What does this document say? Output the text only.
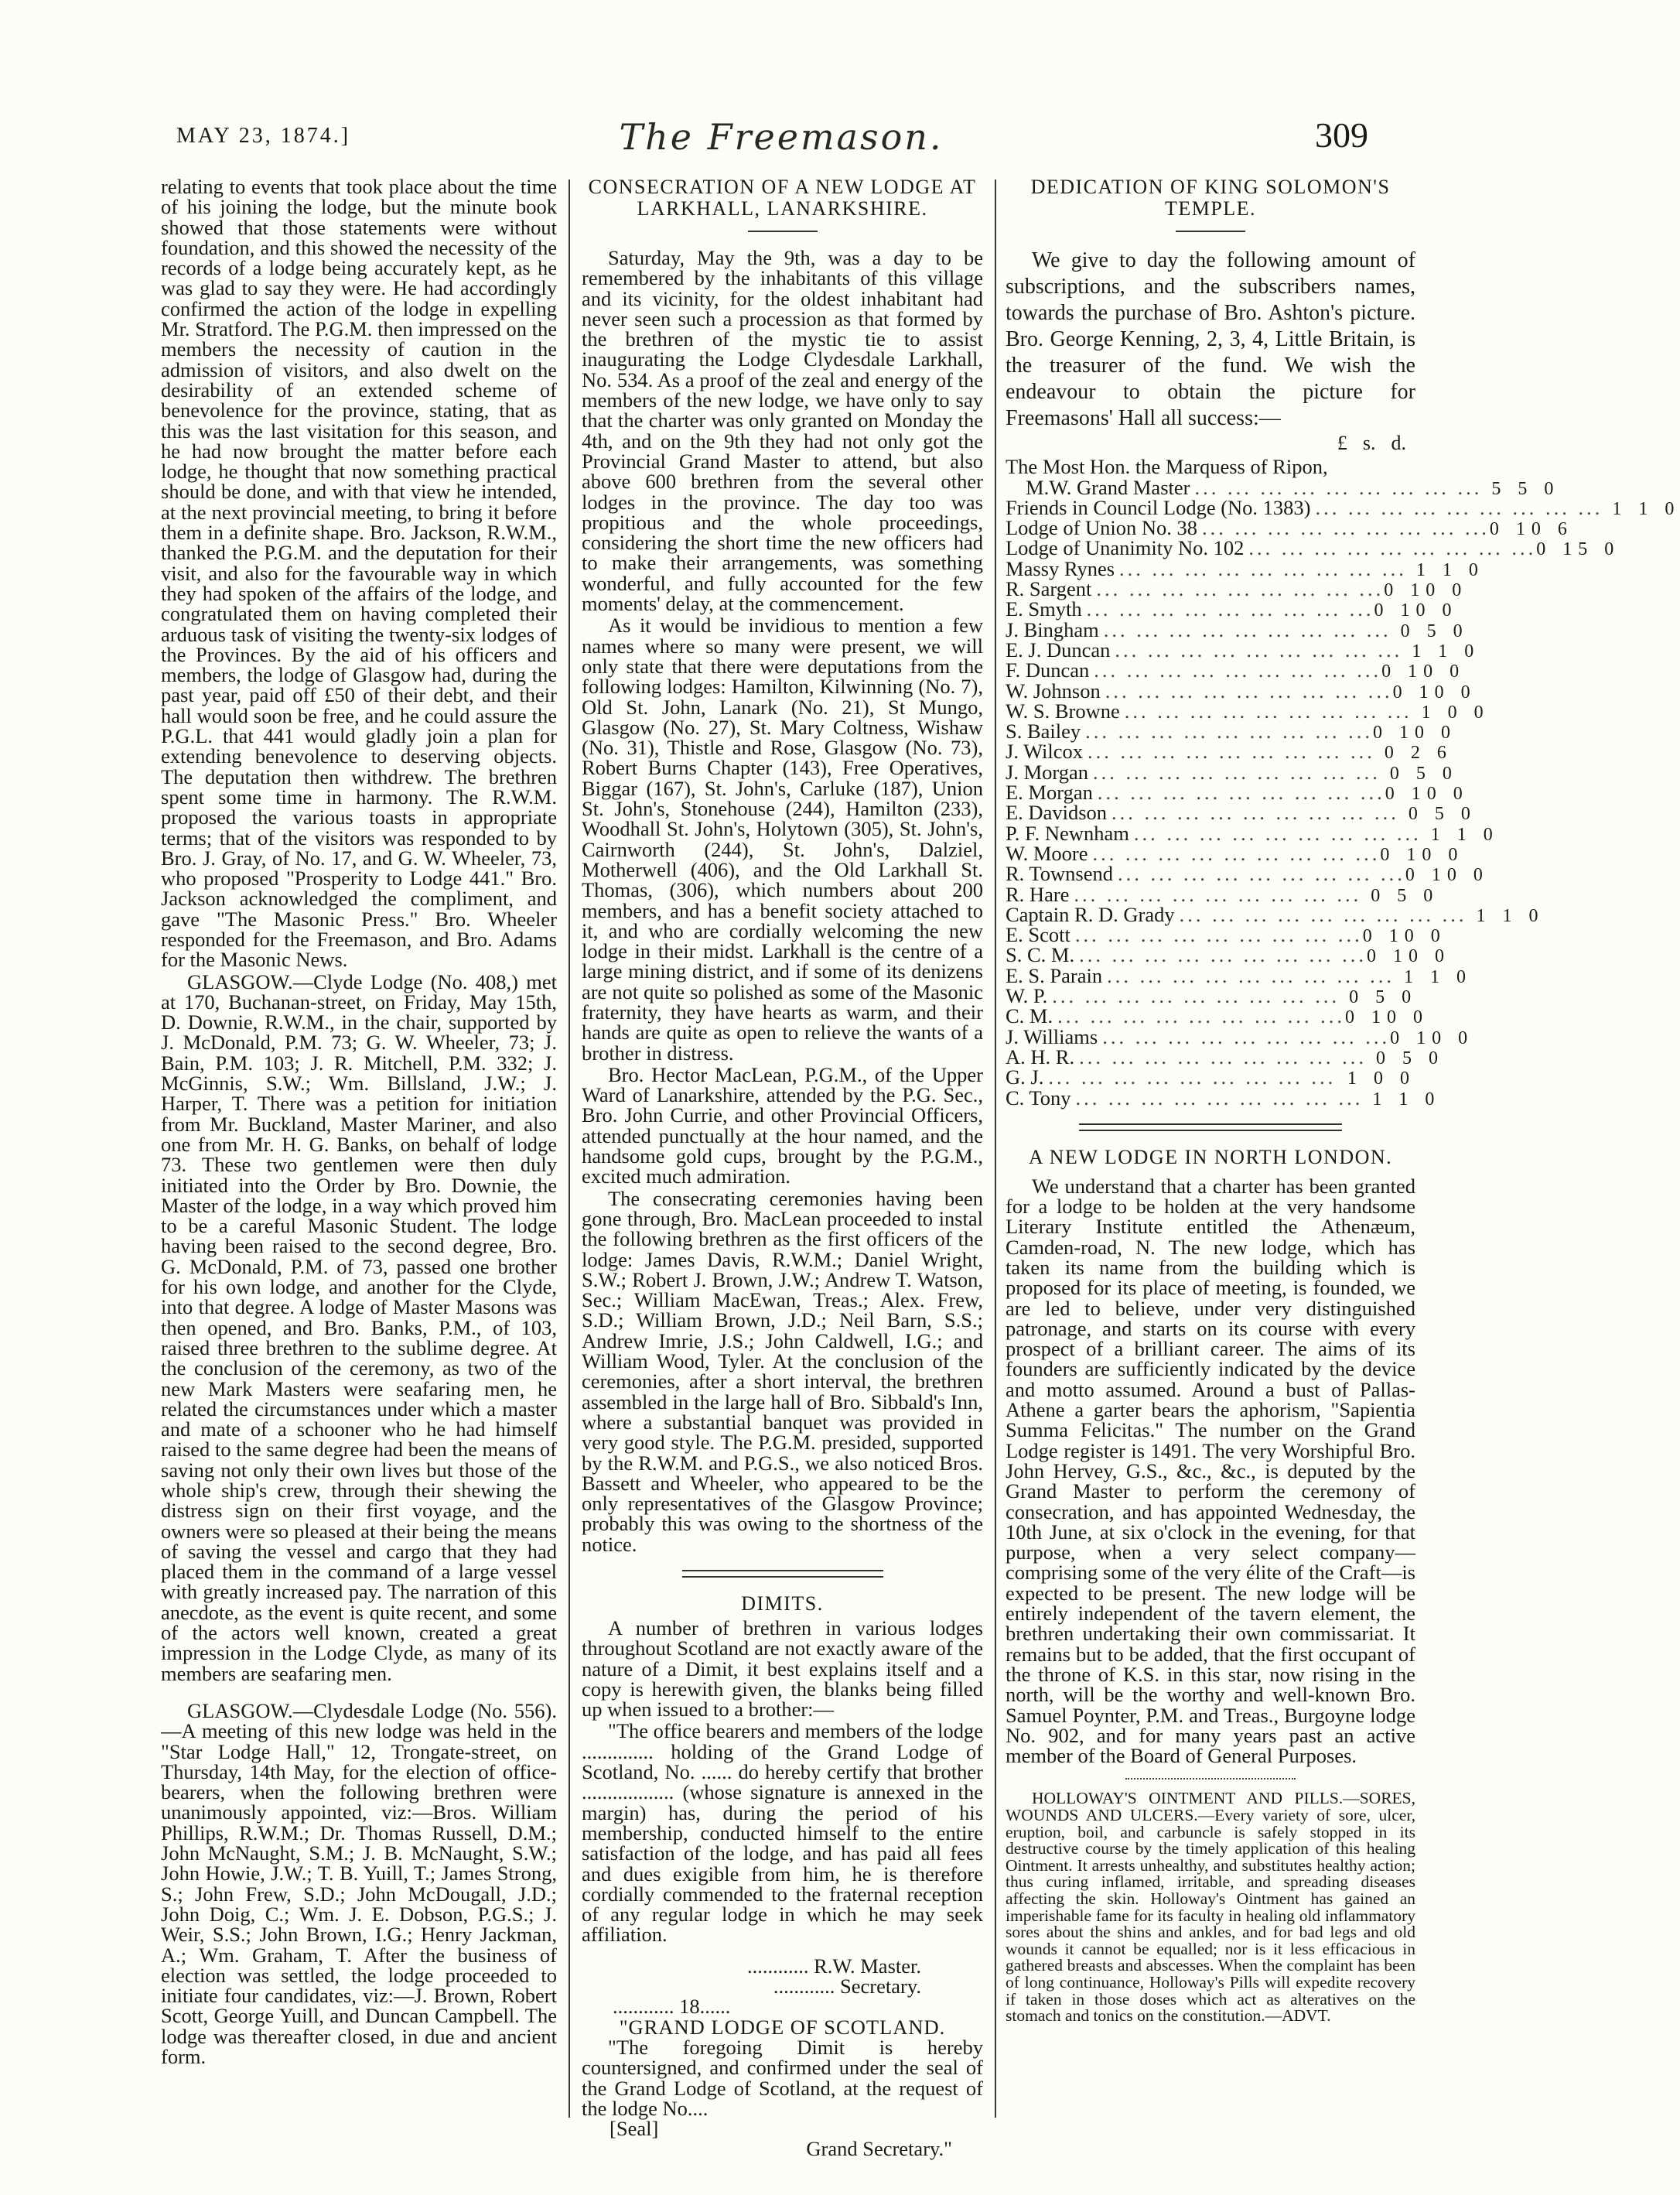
MAY 23, 1874.]	The Freemason.	309

relating to events that took place about the time of his joining the lodge, but the minute book showed that those statements were without foundation, and this showed the necessity of the records of a lodge being accurately kept, as he was glad to say they were. He had accordingly confirmed the action of the lodge in expelling Mr. Stratford. The P.G.M. then impressed on the members the necessity of caution in the admission of visitors, and also dwelt on the desirability of an extended scheme of benevolence for the province, stating, that as this was the last visitation for this season, and he had now brought the matter before each lodge, he thought that now something practical should be done, and with that view he intended, at the next provincial meeting, to bring it before them in a definite shape. Bro. Jackson, R.W.M., thanked the P.G.M. and the deputation for their visit, and also for the favourable way in which they had spoken of the affairs of the lodge, and congratulated them on having completed their arduous task of visiting the twenty-six lodges of the Provinces. By the aid of his officers and members, the lodge of Glasgow had, during the past year, paid off £50 of their debt, and their hall would soon be free, and he could assure the P.G.L. that 441 would gladly join a plan for extending benevolence to deserving objects. The deputation then withdrew. The brethren spent some time in harmony. The R.W.M. proposed the various toasts in appropriate terms; that of the visitors was responded to by Bro. J. Gray, of No. 17, and G. W. Wheeler, 73, who proposed "Prosperity to Lodge 441." Bro. Jackson acknowledged the compliment, and gave "The Masonic Press." Bro. Wheeler responded for the Freemason, and Bro. Adams for the Masonic News.

GLASGOW.—Clyde Lodge (No. 408,) met at 170, Buchanan-street, on Friday, May 15th, D. Downie, R.W.M., in the chair, supported by J. McDonald, P.M. 73; G. W. Wheeler, 73; J. Bain, P.M. 103; J. R. Mitchell, P.M. 332; J. McGinnis, S.W.; Wm. Billsland, J.W.; J. Harper, T. There was a petition for initiation from Mr. Buckland, Master Mariner, and also one from Mr. H. G. Banks, on behalf of lodge 73. These two gentlemen were then duly initiated into the Order by Bro. Downie, the Master of the lodge, in a way which proved him to be a careful Masonic Student. The lodge having been raised to the second degree, Bro. G. McDonald, P.M. of 73, passed one brother for his own lodge, and another for the Clyde, into that degree. A lodge of Master Masons was then opened, and Bro. Banks, P.M., of 103, raised three brethren to the sublime degree. At the conclusion of the ceremony, as two of the new Mark Masters were seafaring men, he related the circumstances under which a master and mate of a schooner who he had himself raised to the same degree had been the means of saving not only their own lives but those of the whole ship's crew, through their shewing the distress sign on their first voyage, and the owners were so pleased at their being the means of saving the vessel and cargo that they had placed them in the command of a large vessel with greatly increased pay. The narration of this anecdote, as the event is quite recent, and some of the actors well known, created a great impression in the Lodge Clyde, as many of its members are seafaring men.

GLASGOW.—Clydesdale Lodge (No. 556).—A meeting of this new lodge was held in the "Star Lodge Hall," 12, Trongate-street, on Thursday, 14th May, for the election of office-bearers, when the following brethren were unanimously appointed, viz:—Bros. William Phillips, R.W.M.; Dr. Thomas Russell, D.M.; John McNaught, S.M.; J. B. McNaught, S.W.; John Howie, J.W.; T. B. Yuill, T.; James Strong, S.; John Frew, S.D.; John McDougall, J.D.; John Doig, C.; Wm. J. E. Dobson, P.G.S.; J. Weir, S.S.; John Brown, I.G.; Henry Jackman, A.; Wm. Graham, T. After the business of election was settled, the lodge proceeded to initiate four candidates, viz:—J. Brown, Robert Scott, George Yuill, and Duncan Campbell. The lodge was thereafter closed, in due and ancient form.

CONSECRATION OF A NEW LODGE AT LARKHALL, LANARKSHIRE.

Saturday, May the 9th, was a day to be remembered by the inhabitants of this village and its vicinity, for the oldest inhabitant had never seen such a procession as that formed by the brethren of the mystic tie to assist inaugurating the Lodge Clydesdale Larkhall, No. 534. As a proof of the zeal and energy of the members of the new lodge, we have only to say that the charter was only granted on Monday the 4th, and on the 9th they had not only got the Provincial Grand Master to attend, but also above 600 brethren from the several other lodges in the province. The day too was propitious and the whole proceedings, considering the short time the new officers had to make their arrangements, was something wonderful, and fully accounted for the few moments' delay, at the commencement.

As it would be invidious to mention a few names where so many were present, we will only state that there were deputations from the following lodges: Hamilton, Kilwinning (No. 7), Old St. John, Lanark (No. 21), St Mungo, Glasgow (No. 27), St. Mary Coltness, Wishaw (No. 31), Thistle and Rose, Glasgow (No. 73), Robert Burns Chapter (143), Free Operatives, Biggar (167), St. John's, Carluke (187), Union St. John's, Stonehouse (244), Hamilton (233), Woodhall St. John's, Holytown (305), St. John's, Cairnworth (244), St. John's, Dalziel, Motherwell (406), and the Old Larkhall St. Thomas, (306), which numbers about 200 members, and has a benefit society attached to it, and who are cordially welcoming the new lodge in their midst. Larkhall is the centre of a large mining district, and if some of its denizens are not quite so polished as some of the Masonic fraternity, they have hearts as warm, and their hands are quite as open to relieve the wants of a brother in distress.

Bro. Hector MacLean, P.G.M., of the Upper Ward of Lanarkshire, attended by the P.G. Sec., Bro. John Currie, and other Provincial Officers, attended punctually at the hour named, and the handsome gold cups, brought by the P.G.M., excited much admiration.

The consecrating ceremonies having been gone through, Bro. MacLean proceeded to instal the following brethren as the first officers of the lodge: James Davis, R.W.M.; Daniel Wright, S.W.; Robert J. Brown, J.W.; Andrew T. Watson, Sec.; William MacEwan, Treas.; Alex. Frew, S.D.; William Brown, J.D.; Neil Barn, S.S.; Andrew Imrie, J.S.; John Caldwell, I.G.; and William Wood, Tyler. At the conclusion of the ceremonies, after a short interval, the brethren assembled in the large hall of Bro. Sibbald's Inn, where a substantial banquet was provided in very good style. The P.G.M. presided, supported by the R.W.M. and P.G.S., we also noticed Bros. Bassett and Wheeler, who appeared to be the only representatives of the Glasgow Province; probably this was owing to the shortness of the notice.

DIMITS.

A number of brethren in various lodges throughout Scotland are not exactly aware of the nature of a Dimit, it best explains itself and a copy is herewith given, the blanks being filled up when issued to a brother:—

"The office bearers and members of the lodge .............. holding of the Grand Lodge of Scotland, No. ...... do hereby certify that brother .................. (whose signature is annexed in the margin) has, during the period of his membership, conducted himself to the entire satisfaction of the lodge, and has paid all fees and dues exigible from him, he is therefore cordially commended to the fraternal reception of any regular lodge in which he may seek affiliation.

............ R.W. Master.
............ Secretary.
............ 18......
"GRAND LODGE OF SCOTLAND.

"The foregoing Dimit is hereby countersigned, and confirmed under the seal of the Grand Lodge of Scotland, at the request of the lodge No....

[Seal]
Grand Secretary."
DEDICATION OF KING SOLOMON'S TEMPLE.

We give to day the following amount of subscriptions, and the subscribers names, towards the purchase of Bro. Ashton's picture. Bro. George Kenning, 2, 3, 4, Little Britain, is the treasurer of the fund. We wish the endeavour to obtain the picture for Freemasons' Hall all success:—

£ s. d.
The Most Hon. the Marquess of Ripon,
M.W. Grand Master ... ... ... ... ... ... ... ... ... 5 5 0
Friends in Council Lodge (No. 1383) ... ... ... ... ... ... ... ... ... 1 1 0
Lodge of Union No. 38 ... ... ... ... ... ... ... ... ... 0 10 6
Lodge of Unanimity No. 102 ... ... ... ... ... ... ... ... ... 0 15 0
Massy Rynes ... ... ... ... ... ... ... ... ... 1 1 0
R. Sargent ... ... ... ... ... ... ... ... ... 0 10 0
E. Smyth ... ... ... ... ... ... ... ... ... 0 10 0
J. Bingham ... ... ... ... ... ... ... ... ... 0 5 0
E. J. Duncan ... ... ... ... ... ... ... ... ... 1 1 0
F. Duncan ... ... ... ... ... ... ... ... ... 0 10 0
W. Johnson ... ... ... ... ... ... ... ... ... 0 10 0
W. S. Browne ... ... ... ... ... ... ... ... ... 1 0 0
S. Bailey ... ... ... ... ... ... ... ... ... 0 10 0
J. Wilcox ... ... ... ... ... ... ... ... ... 0 2 6
J. Morgan ... ... ... ... ... ... ... ... ... 0 5 0
E. Morgan ... ... ... ... ... ... ... ... ... 0 10 0
E. Davidson ... ... ... ... ... ... ... ... ... 0 5 0
P. F. Newnham ... ... ... ... ... ... ... ... ... 1 1 0
W. Moore ... ... ... ... ... ... ... ... ... 0 10 0
R. Townsend ... ... ... ... ... ... ... ... ... 0 10 0
R. Hare ... ... ... ... ... ... ... ... ... 0 5 0
Captain R. D. Grady ... ... ... ... ... ... ... ... ... 1 1 0
E. Scott ... ... ... ... ... ... ... ... ... 0 10 0
S. C. M. ... ... ... ... ... ... ... ... ... 0 10 0
E. S. Parain ... ... ... ... ... ... ... ... ... 1 1 0
W. P. ... ... ... ... ... ... ... ... ... 0 5 0
C. M. ... ... ... ... ... ... ... ... ... 0 10 0
J. Williams ... ... ... ... ... ... ... ... ... 0 10 0
A. H. R. ... ... ... ... ... ... ... ... ... 0 5 0
G. J. ... ... ... ... ... ... ... ... ... 1 0 0
C. Tony ... ... ... ... ... ... ... ... ... 1 1 0
A NEW LODGE IN NORTH LONDON.

We understand that a charter has been granted for a lodge to be holden at the very handsome Literary Institute entitled the Athenæum, Camden-road, N. The new lodge, which has taken its name from the building which is proposed for its place of meeting, is founded, we are led to believe, under very distinguished patronage, and starts on its course with every prospect of a brilliant career. The aims of its founders are sufficiently indicated by the device and motto assumed. Around a bust of Pallas-Athene a garter bears the aphorism, "Sapientia Summa Felicitas." The number on the Grand Lodge register is 1491. The very Worshipful Bro. John Hervey, G.S., &c., &c., is deputed by the Grand Master to perform the ceremony of consecration, and has appointed Wednesday, the 10th June, at six o'clock in the evening, for that purpose, when a very select company—comprising some of the very élite of the Craft—is expected to be present. The new lodge will be entirely independent of the tavern element, the brethren undertaking their own commissariat. It remains but to be added, that the first occupant of the throne of K.S. in this star, now rising in the north, will be the worthy and well-known Bro. Samuel Poynter, P.M. and Treas., Burgoyne lodge No. 902, and for many years past an active member of the Board of General Purposes.

HOLLOWAY'S OINTMENT AND PILLS.—SORES, WOUNDS AND ULCERS.—Every variety of sore, ulcer, eruption, boil, and carbuncle is safely stopped in its destructive course by the timely application of this healing Ointment. It arrests unhealthy, and substitutes healthy action; thus curing inflamed, irritable, and spreading diseases affecting the skin. Holloway's Ointment has gained an imperishable fame for its faculty in healing old inflammatory sores about the shins and ankles, and for bad legs and old wounds it cannot be equalled; nor is it less efficacious in gathered breasts and abscesses. When the complaint has been of long continuance, Holloway's Pills will expedite recovery if taken in those doses which act as alteratives on the stomach and tonics on the constitution.—ADVT.
